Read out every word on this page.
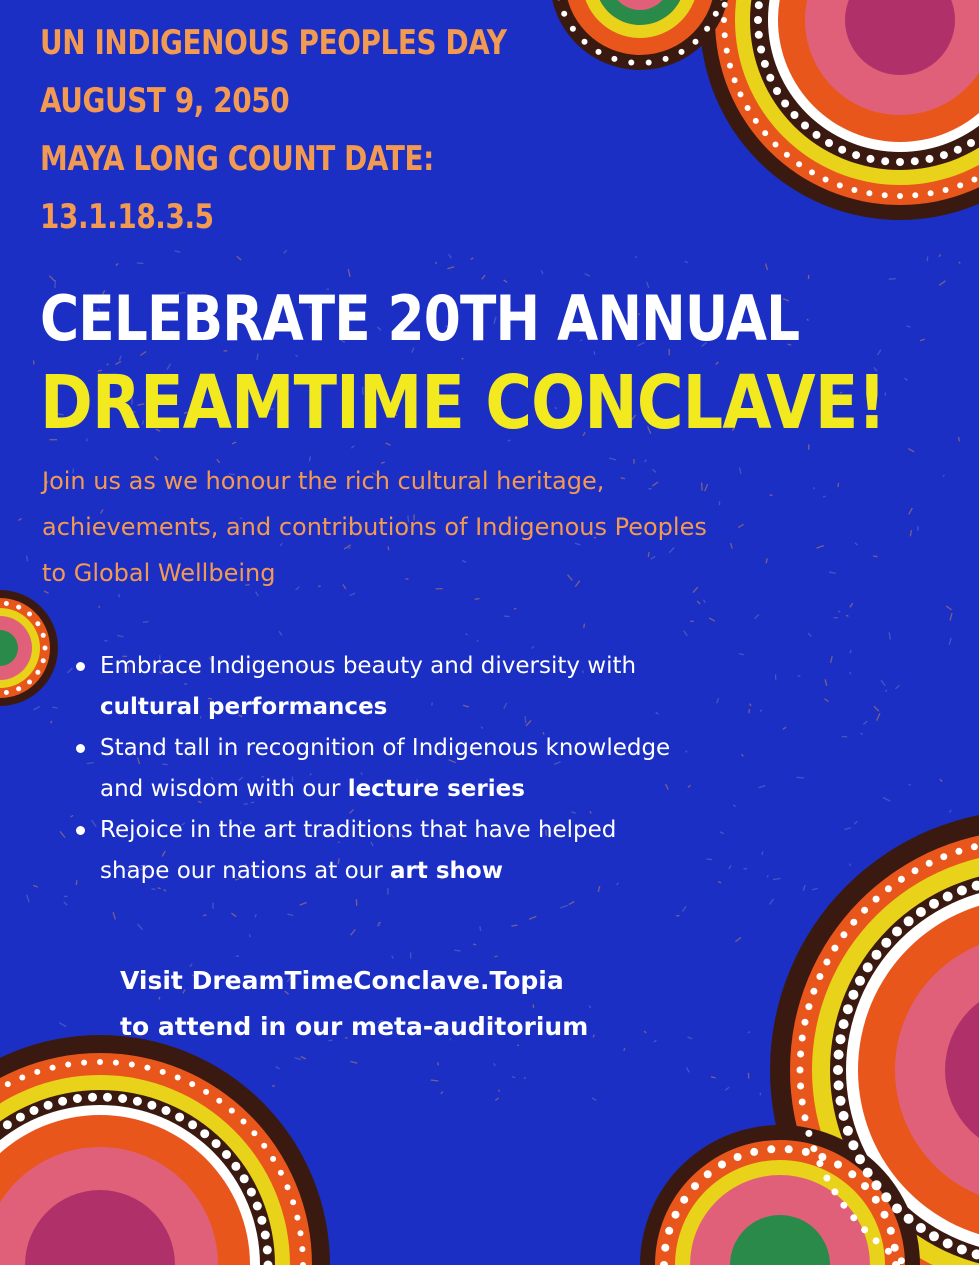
UN INDIGENOUS PEOPLES DAY
AUGUST 9, 2050
MAYA LONG COUNT DATE:
13.1.18.3.5
CELEBRATE 20TH ANNUAL
DREAMTIME CONCLAVE!
Join us as we honour the rich cultural heritage,
achievements, and contributions of Indigenous Peoples
to Global Wellbeing
Embrace Indigenous beauty and diversity with
cultural performances
Stand tall in recognition of Indigenous knowledge
and wisdom with our lecture series
Rejoice in the art traditions that have helped
shape our nations at our art show
Visit DreamTimeConclave.Topia
to attend in our meta-auditorium
